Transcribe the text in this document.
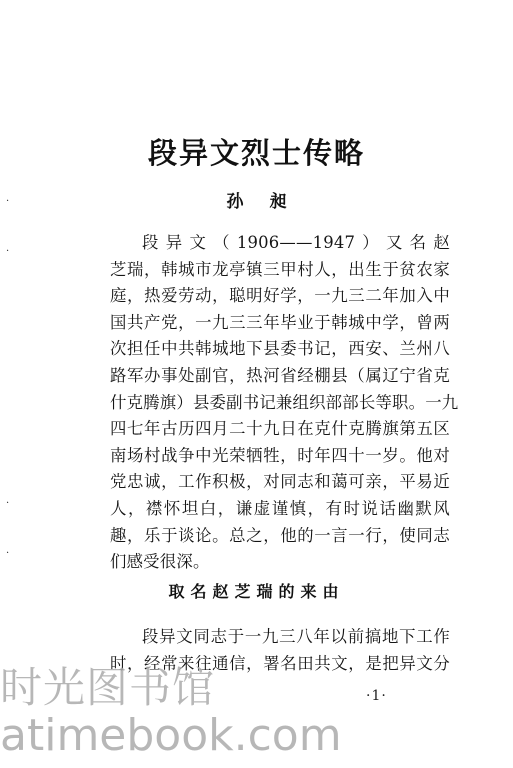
·
·
·
·
段异文烈士传略
孙昶

段异文（1906——1947）又名赵
芝瑞，韩城市龙亭镇三甲村人，出生于贫农家
庭，热爱劳动，聪明好学，一九三二年加入中
国共产党，一九三三年毕业于韩城中学，曾两
次担任中共韩城地下县委书记，西安、兰州八
路军办事处副官，热河省经棚县（属辽宁省克
什克腾旗）县委副书记兼组织部部长等职。一九
四七年古历四月二十九日在克什克腾旗第五区
南场村战争中光荣牺牲，时年四十一岁。他对
党忠诚，工作积极，对同志和蔼可亲，平易近
人，襟怀坦白，谦虚谨慎，有时说话幽默风
趣，乐于谈论。总之，他的一言一行，使同志
们感受很深。

取名赵芝瑞的来由

段异文同志于一九三八年以前搞地下工作
时，经常来往通信，署名田共文，是把异文分

·1·
时光图书馆
atimebook.com
